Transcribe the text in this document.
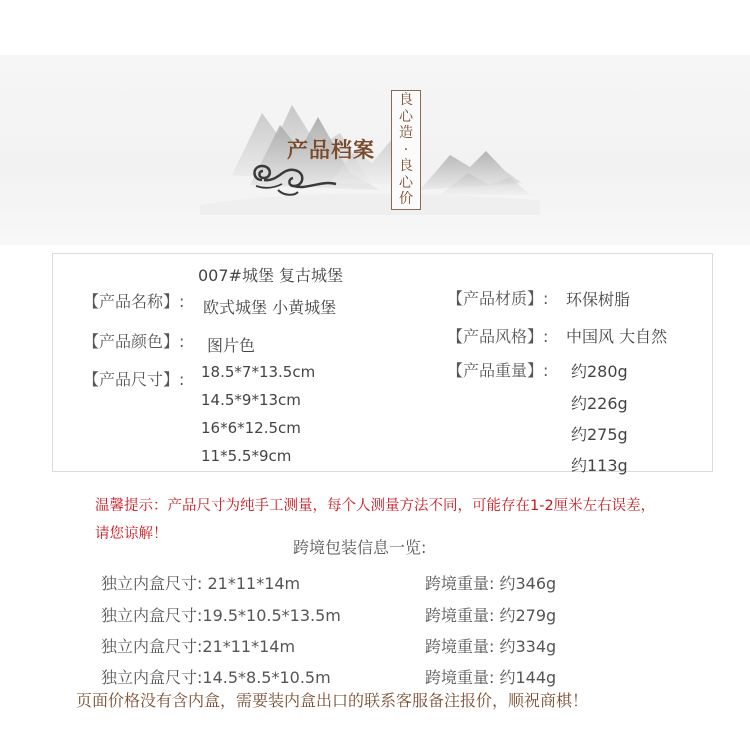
产品档案
良心造·良心价
007#城堡 复古城堡
【产品名称】: 欧式城堡 小黄城堡
【产品颜色】: 图片色
【产品尺寸】: 18.5*7*13.5cm
14.5*9*13cm
16*6*12.5cm
11*5.5*9cm
【产品材质】: 环保树脂
【产品风格】: 中国风 大自然
【产品重量】: 约280g
约226g
约275g
约113g
温馨提示：产品尺寸为纯手工测量，每个人测量方法不同，可能存在1-2厘米左右误差，
请您谅解！
跨境包装信息一览:
独立内盒尺寸: 21*11*14m	跨境重量: 约346g
独立内盒尺寸:19.5*10.5*13.5m	跨境重量: 约279g
独立内盒尺寸:21*11*14m	跨境重量: 约334g
独立内盒尺寸:14.5*8.5*10.5m	跨境重量: 约144g
页面价格没有含内盒，需要装内盒出口的联系客服备注报价，顺祝商棋！
